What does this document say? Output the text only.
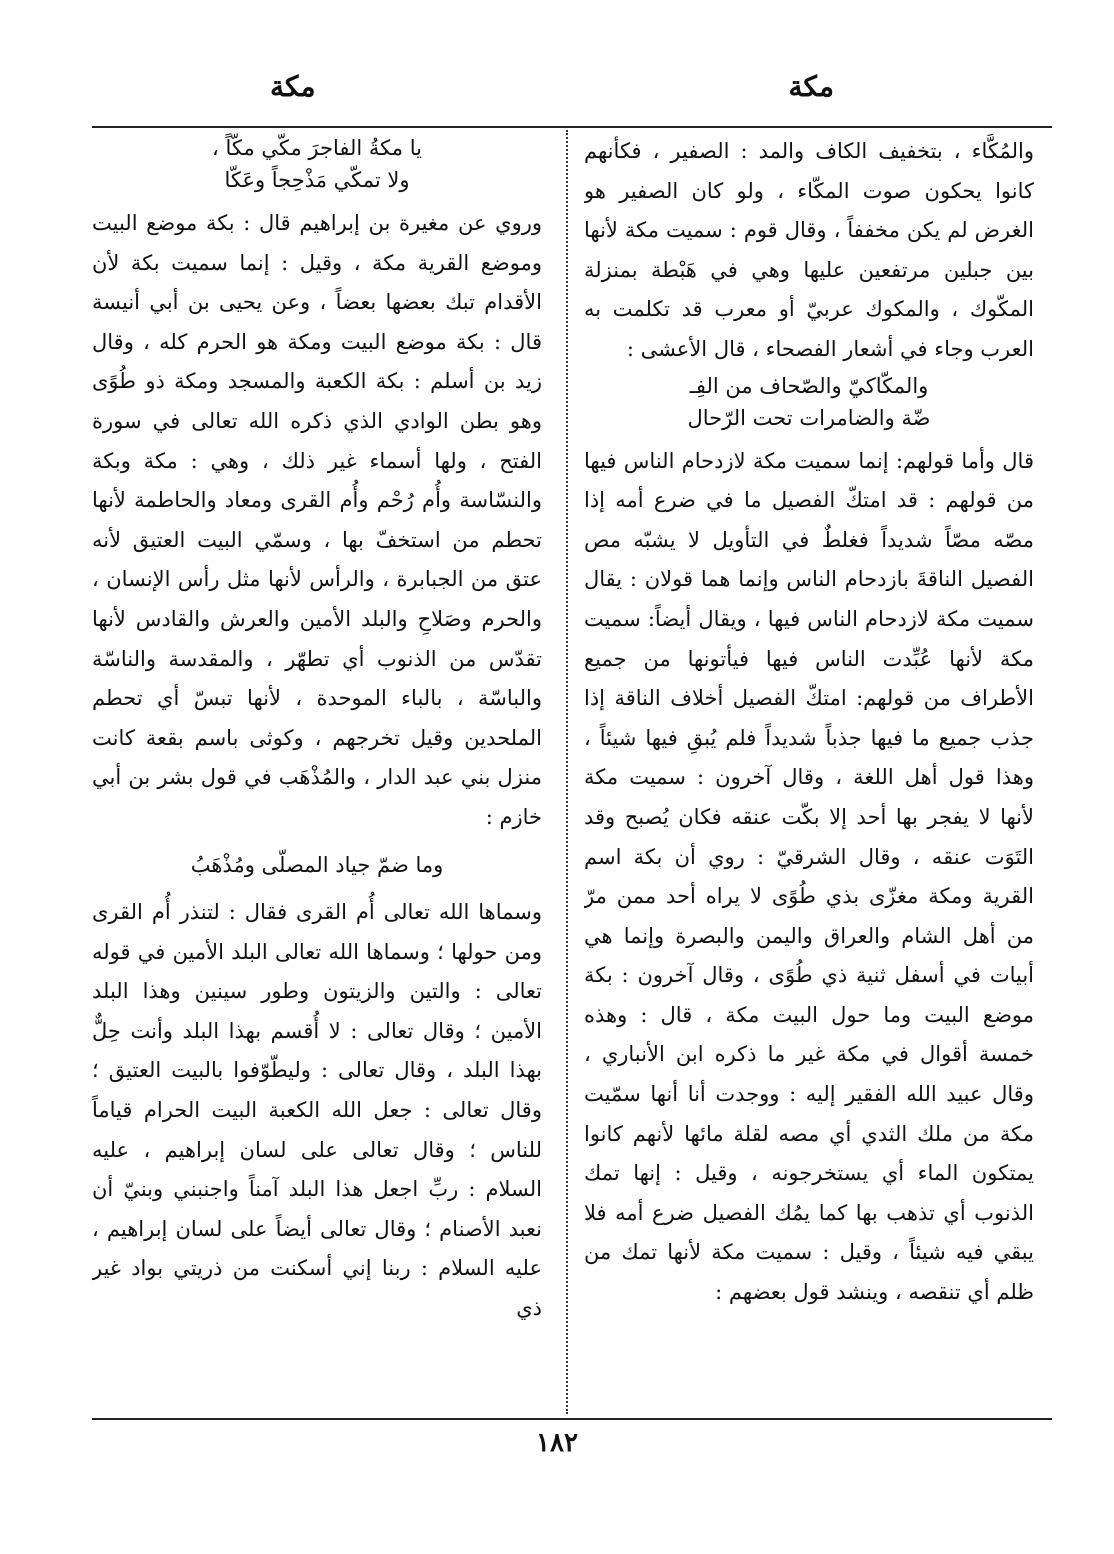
مكة
مكة

والمُكَّاء ، بتخفيف الكاف والمد : الصفير ، فكأنهم كانوا يحكون صوت المكّاء ، ولو كان الصفير هو الغرض لم يكن مخففاً ، وقال قوم : سميت مكة لأنها بين جبلين مرتفعين عليها وهي في هَبْطة بمنزلة المكّوك ، والمكوك عربيّ أو معرب قد تكلمت به العرب وجاء في أشعار الفصحاء ، قال الأعشى :

والمكّاكيّ والصّحاف من الفِـ

ضّة والضامرات تحت الرّحال

قال وأما قولهم: إنما سميت مكة لازدحام الناس فيها من قولهم : قد امتكّ الفصيل ما في ضرع أمه إذا مصّه مصّاً شديداً فغلطٌ في التأويل لا يشبّه مص الفصيل الناقةَ بازدحام الناس وإنما هما قولان : يقال سميت مكة لازدحام الناس فيها ، ويقال أيضاً: سميت مكة لأنها عُبِّدت الناس فيها فيأتونها من جميع الأطراف من قولهم: امتكّ الفصيل أخلاف الناقة إذا جذب جميع ما فيها جذباً شديداً فلم يُبقِ فيها شيئاً ، وهذا قول أهل اللغة ، وقال آخرون : سميت مكة لأنها لا يفجر بها أحد إلا بكّت عنقه فكان يُصبح وقد التَوَت عنقه ، وقال الشرقيّ : روي أن بكة اسم القرية ومكة مغزّى بذي طُوًى لا يراه أحد ممن مرّ من أهل الشام والعراق واليمن والبصرة وإنما هي أبيات في أسفل ثنية ذي طُوًى ، وقال آخرون : بكة موضع البيت وما حول البيت مكة ، قال : وهذه خمسة أقوال في مكة غير ما ذكره ابن الأنباري ، وقال عبيد الله الفقير إليه : ووجدت أنا أنها سمّيت مكة من ملك الثدي أي مصه لقلة مائها لأنهم كانوا يمتكون الماء أي يستخرجونه ، وقيل : إنها تمك الذنوب أي تذهب بها كما يمُك الفصيل ضرع أمه فلا يبقي فيه شيئاً ، وقيل : سميت مكة لأنها تمك من ظلم أي تنقصه ، وينشد قول بعضهم :

يا مكةُ الفاجرَ مكّي مكّاً ،

ولا تمكّي مَذْحِجاً وعَكّا

وروي عن مغيرة بن إبراهيم قال : بكة موضع البيت وموضع القرية مكة ، وقيل : إنما سميت بكة لأن الأقدام تبك بعضها بعضاً ، وعن يحيى بن أبي أنيسة قال : بكة موضع البيت ومكة هو الحرم كله ، وقال زيد بن أسلم : بكة الكعبة والمسجد ومكة ذو طُوًى وهو بطن الوادي الذي ذكره الله تعالى في سورة الفتح ، ولها أسماء غير ذلك ، وهي : مكة وبكة والنسّاسة وأُم رُحْم وأُم القرى ومعاد والحاطمة لأنها تحطم من استخفّ بها ، وسمّي البيت العتيق لأنه عتق من الجبابرة ، والرأس لأنها مثل رأس الإنسان ، والحرم وصَلاحِ والبلد الأمين والعرش والقادس لأنها تقدّس من الذنوب أي تطهّر ، والمقدسة والناسّة والباسّة ، بالباء الموحدة ، لأنها تبسّ أي تحطم الملحدين وقيل تخرجهم ، وكوثى باسم بقعة كانت منزل بني عبد الدار ، والمُذْهَب في قول بشر بن أبي خازم :

وما ضمّ جياد المصلّى ومُذْهَبُ

وسماها الله تعالى أُم القرى فقال : لتنذر أُم القرى ومن حولها ؛ وسماها الله تعالى البلد الأمين في قوله تعالى : والتين والزيتون وطور سينين وهذا البلد الأمين ؛ وقال تعالى : لا أُقسم بهذا البلد وأنت حِلٌّ بهذا البلد ، وقال تعالى : وليطّوّفوا بالبيت العتيق ؛ وقال تعالى : جعل الله الكعبة البيت الحرام قياماً للناس ؛ وقال تعالى على لسان إبراهيم ، عليه السلام : ربِّ اجعل هذا البلد آمناً واجنبني وبنيّ أن نعبد الأصنام ؛ وقال تعالى أيضاً على لسان إبراهيم ، عليه السلام : ربنا إني أسكنت من ذريتي بواد غير ذي

١٨٢
